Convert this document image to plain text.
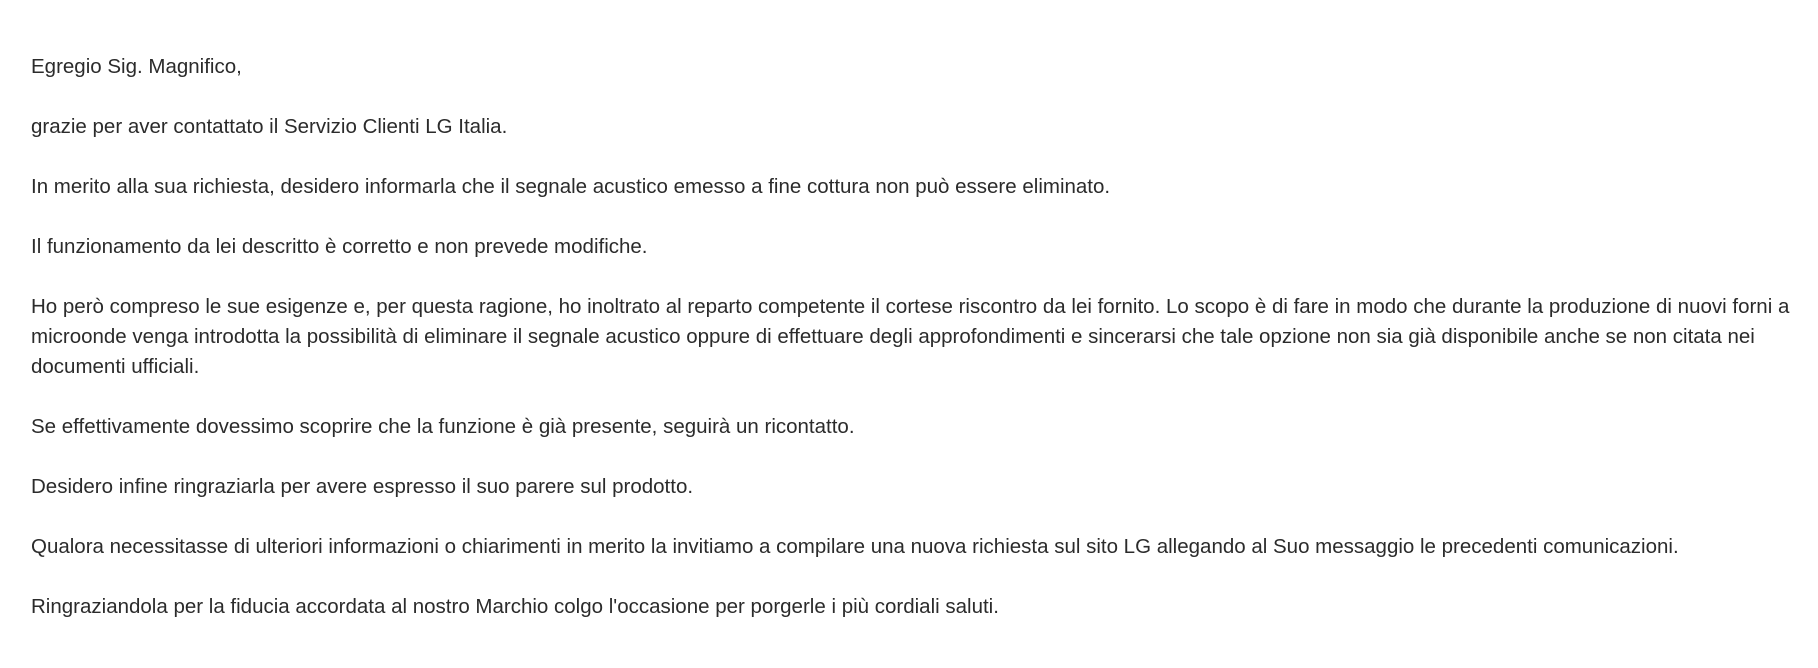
Egregio Sig. Magnifico,

grazie per aver contattato il Servizio Clienti LG Italia.

In merito alla sua richiesta, desidero informarla che il segnale acustico emesso a fine cottura non può essere eliminato.

Il funzionamento da lei descritto è corretto e non prevede modifiche.

Ho però compreso le sue esigenze e, per questa ragione, ho inoltrato al reparto competente il cortese riscontro da lei fornito. Lo scopo è di fare in modo che durante la produzione di nuovi forni a microonde venga introdotta la possibilità di eliminare il segnale acustico oppure di effettuare degli approfondimenti e sincerarsi che tale opzione non sia già disponibile anche se non citata nei documenti ufficiali.

Se effettivamente dovessimo scoprire che la funzione è già presente, seguirà un ricontatto.

Desidero infine ringraziarla per avere espresso il suo parere sul prodotto.

Qualora necessitasse di ulteriori informazioni o chiarimenti in merito la invitiamo a compilare una nuova richiesta sul sito LG allegando al Suo messaggio le precedenti comunicazioni.

Ringraziandola per la fiducia accordata al nostro Marchio colgo l'occasione per porgerle i più cordiali saluti.
